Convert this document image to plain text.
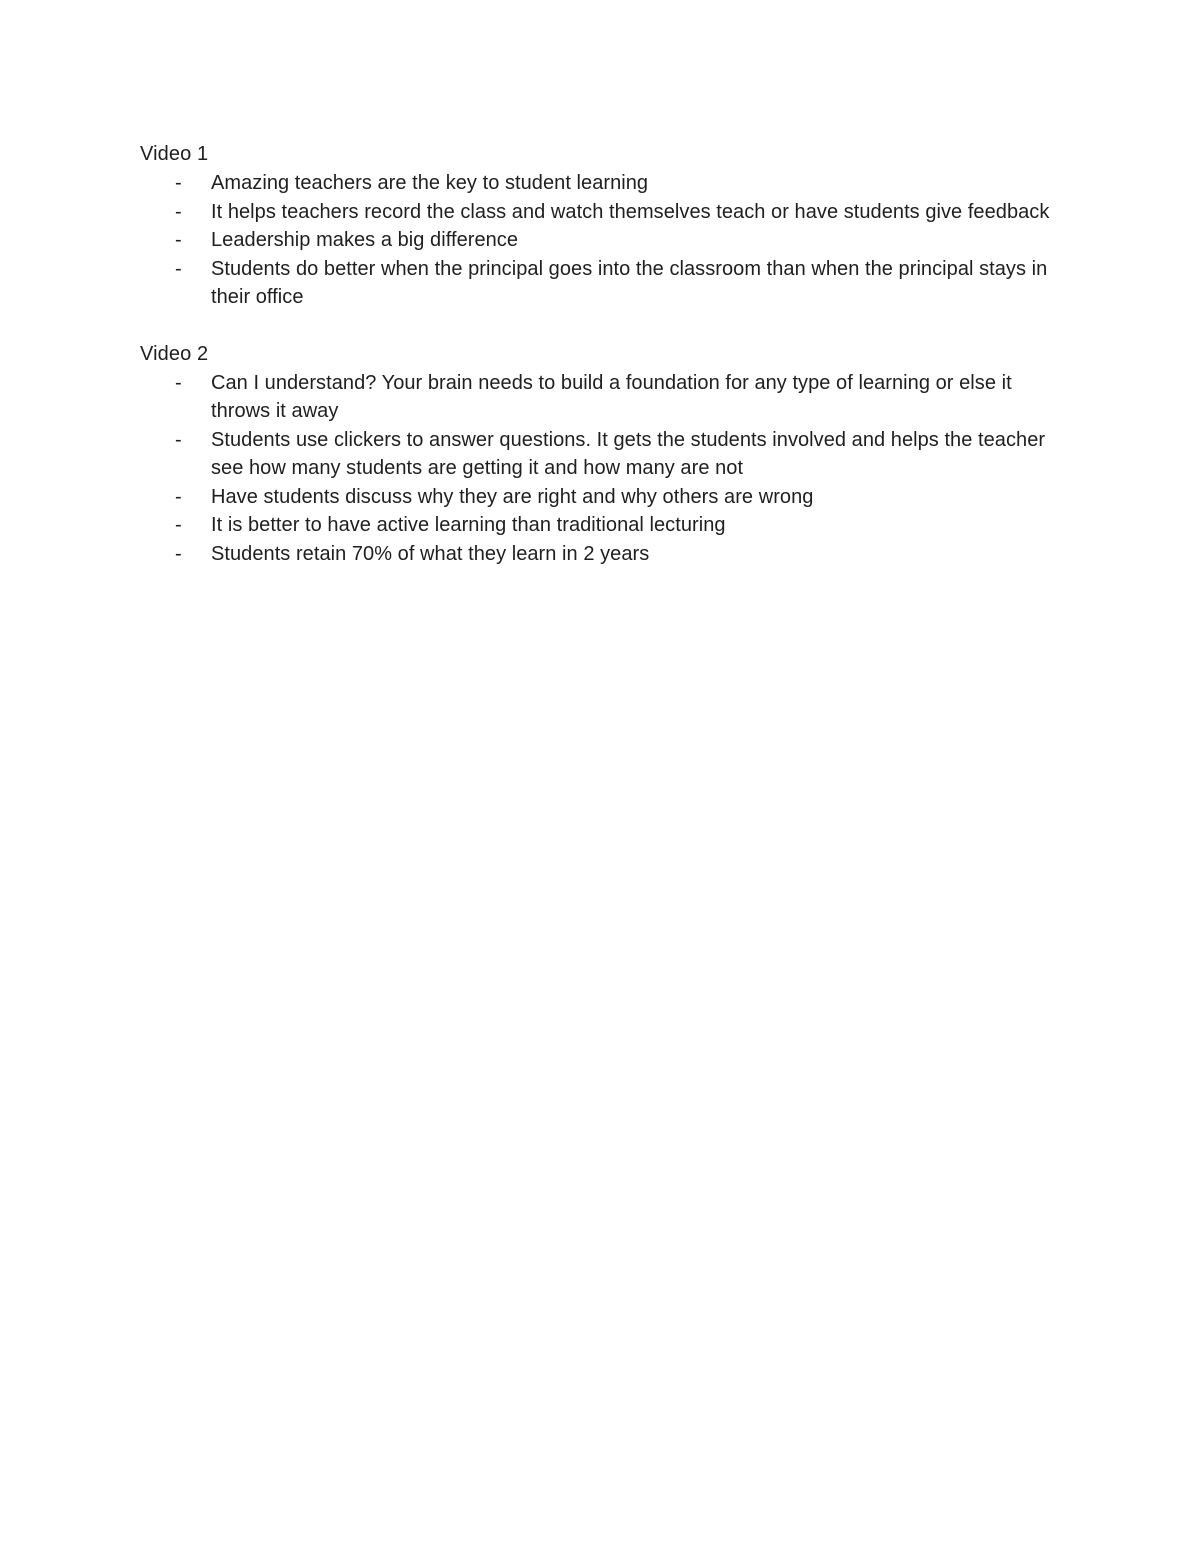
Video 1

- Amazing teachers are the key to student learning
- It helps teachers record the class and watch themselves teach or have students give feedback
- Leadership makes a big difference
- Students do better when the principal goes into the classroom than when the principal stays in their office

Video 2

- Can I understand? Your brain needs to build a foundation for any type of learning or else it throws it away
- Students use clickers to answer questions. It gets the students involved and helps the teacher see how many students are getting it and how many are not
- Have students discuss why they are right and why others are wrong
- It is better to have active learning than traditional lecturing
- Students retain 70% of what they learn in 2 years
